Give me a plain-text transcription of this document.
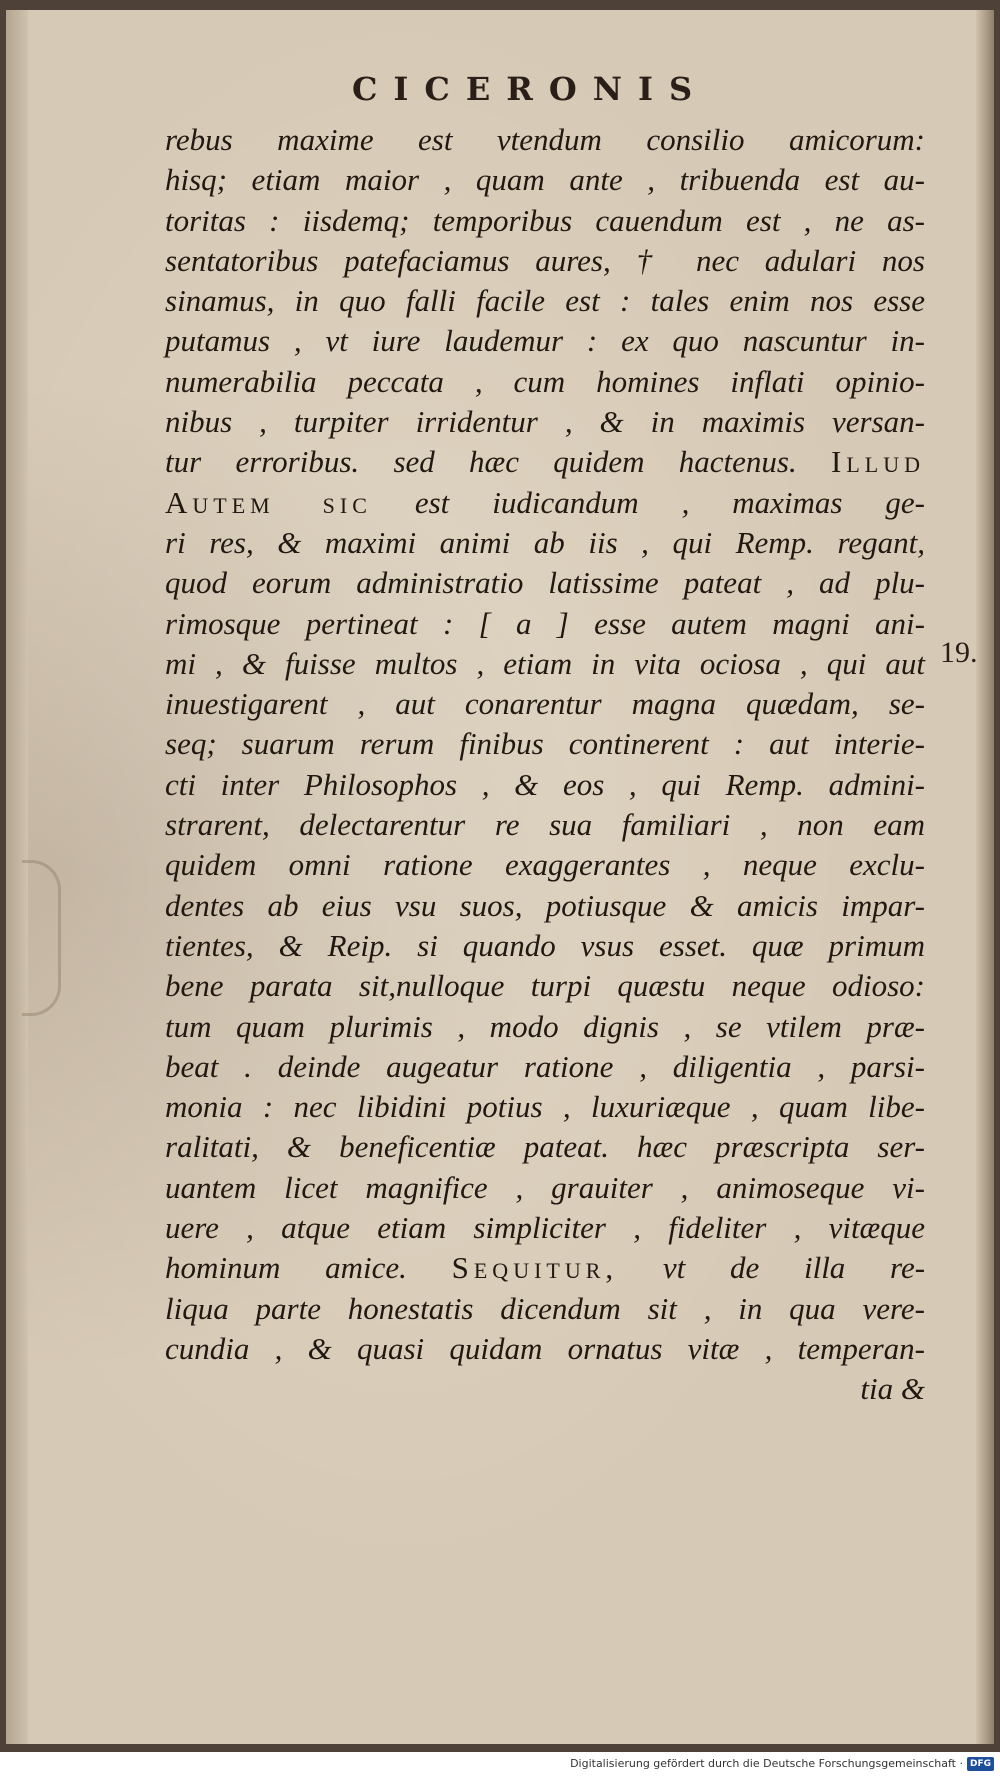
CICERONIS
rebus maxime est vtendum consilio amicorum:
hisq; etiam maior , quam ante , tribuenda est au-
toritas : iisdemq; temporibus cauendum est , ne as-
sentatoribus patefaciamus aures, † nec adulari nos
sinamus, in quo falli facile est : tales enim nos esse
putamus , vt iure laudemur : ex quo nascuntur in-
numerabilia peccata , cum homines inflati opinio-
nibus , turpiter irridentur , & in maximis versan-
tur erroribus. sed hæc quidem hactenus. Illud
Autem sic est iudicandum , maximas ge-
ri res, & maximi animi ab iis , qui Remp. regant,
quod eorum administratio latissime pateat , ad plu-
rimosque pertineat : [ a ] esse autem magni ani-
mi , & fuisse multos , etiam in vita ociosa , qui aut
inuestigarent , aut conarentur magna quædam, se-
seq; suarum rerum finibus continerent : aut interie-
cti inter Philosophos , & eos , qui Remp. admini-
strarent, delectarentur re sua familiari , non eam
quidem omni ratione exaggerantes , neque exclu-
dentes ab eius vsu suos, potiusque & amicis impar-
tientes, & Reip. si quando vsus esset. quæ primum
bene parata sit,nulloque turpi quæstu neque odioso:
tum quam plurimis , modo dignis , se vtilem præ-
beat . deinde augeatur ratione , diligentia , parsi-
monia : nec libidini potius , luxuriæque , quam libe-
ralitati, & beneficentiæ pateat. hæc præscripta ser-
uantem licet magnifice , grauiter , animoseque vi-
uere , atque etiam simpliciter , fideliter , vitæque
hominum amice. Sequitur, vt de illa re-
liqua parte honestatis dicendum sit , in qua vere-
cundia , & quasi quidam ornatus vitæ , temperan-
tia &
19.
Digitalisierung gefördert durch die Deutsche Forschungsgemeinschaft · DFG
